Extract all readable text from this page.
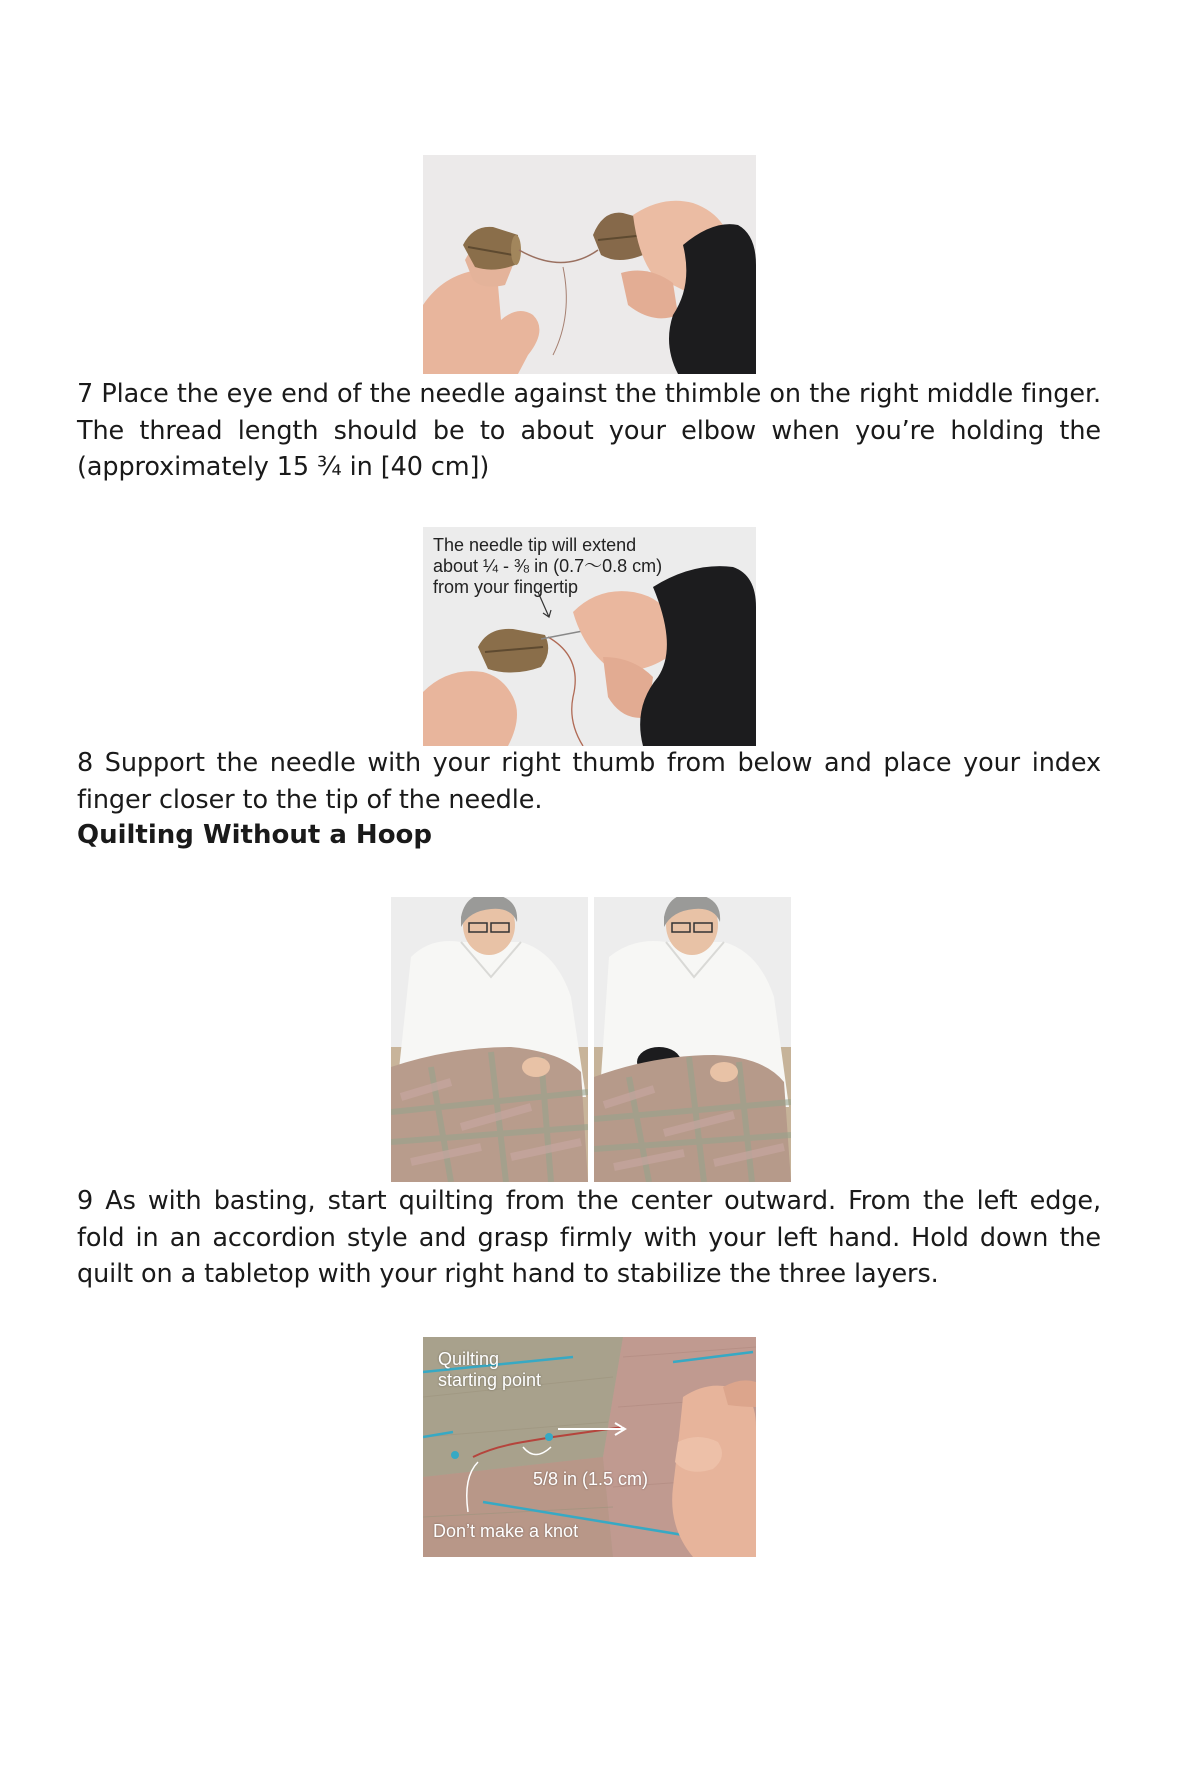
7 Place the eye end of the needle against the thimble on the right middle finger. The thread length should be to about your elbow when you’re holding the (approximately 15 ¾ in [40 cm])

The needle tip will extend
about ¼ - ⅜ in (0.7～0.8 cm)
from your fingertip

8 Support the needle with your right thumb from below and place your index finger closer to the tip of the needle.

Quilting Without a Hoop

9 As with basting, start quilting from the center outward. From the left edge, fold in an accordion style and grasp firmly with your left hand. Hold down the quilt on a tabletop with your right hand to stabilize the three layers.

Quilting
starting point
5/8 in (1.5 cm)
Don’t make a knot
